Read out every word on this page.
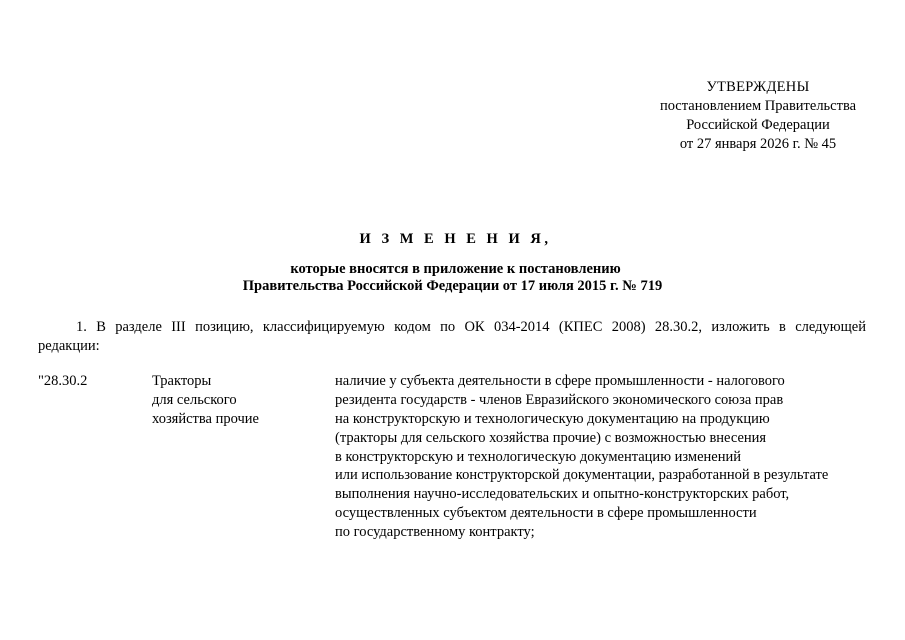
УТВЕРЖДЕНЫ
постановлением Правительства
Российской Федерации
от 27 января 2026 г. № 45
И З М Е Н Е Н И Я,
которые вносятся в приложение к постановлению
Правительства Российской Федерации от 17 июля 2015 г. № 719
1. В разделе III позицию, классифицируемую кодом по ОК 034-2014 (КПЕС 2008) 28.30.2, изложить в следующей
редакции:
"28.30.2	Тракторы
для сельского
хозяйства прочие
наличие у субъекта деятельности в сфере промышленности - налогового
резидента государств - членов Евразийского экономического союза прав
на конструкторскую и технологическую документацию на продукцию
(тракторы для сельского хозяйства прочие) с возможностью внесения
в конструкторскую и технологическую документацию изменений
или использование конструкторской документации, разработанной в результате
выполнения научно-исследовательских и опытно-конструкторских работ,
осуществленных субъектом деятельности в сфере промышленности
по государственному контракту;
